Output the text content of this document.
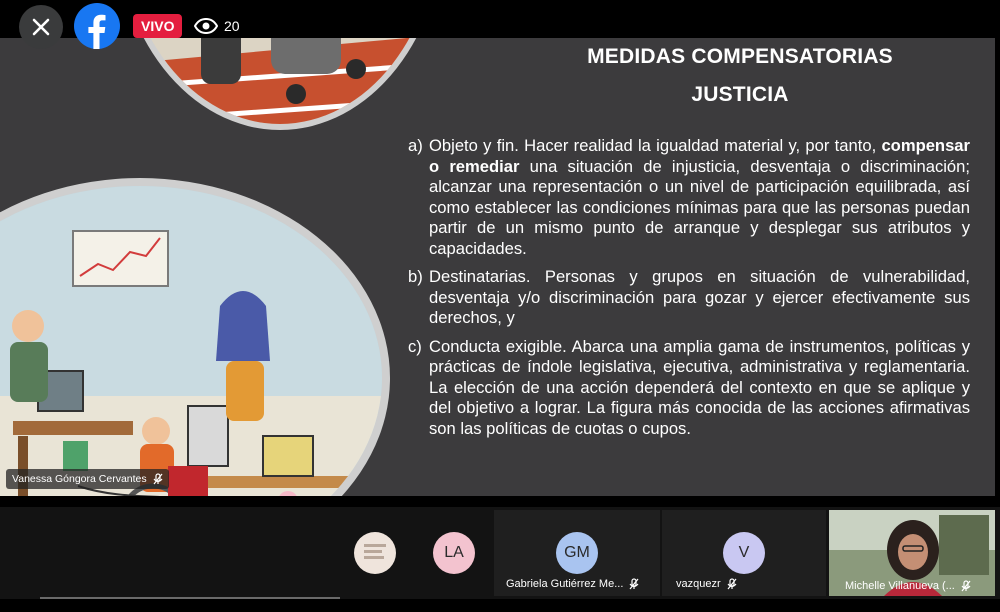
VIVO	20
MEDIDAS COMPENSATORIAS
JUSTICIA
a) Objeto y fin. Hacer realidad la igualdad material y, por tanto, compensar o remediar una situación de injusticia, desventaja o discriminación; alcanzar una representación o un nivel de participación equilibrada, así como establecer las condiciones mínimas para que las personas puedan partir de un mismo punto de arranque y desplegar sus atributos y capacidades.
b) Destinatarias. Personas y grupos en situación de vulnerabilidad, desventaja y/o discriminación para gozar y ejercer efectivamente sus derechos, y
c) Conducta exigible. Abarca una amplia gama de instrumentos, políticas y prácticas de índole legislativa, ejecutiva, administrativa y reglamentaria. La elección de una acción dependerá del contexto en que se aplique y del objetivo a lograr. La figura más conocida de las acciones afirmativas son las políticas de cuotas o cupos.
Vanessa Góngora Cervantes
LA	GM
Gabriela Gutiérrez Me...
V
vazquezr	Michelle Villanueva (...
